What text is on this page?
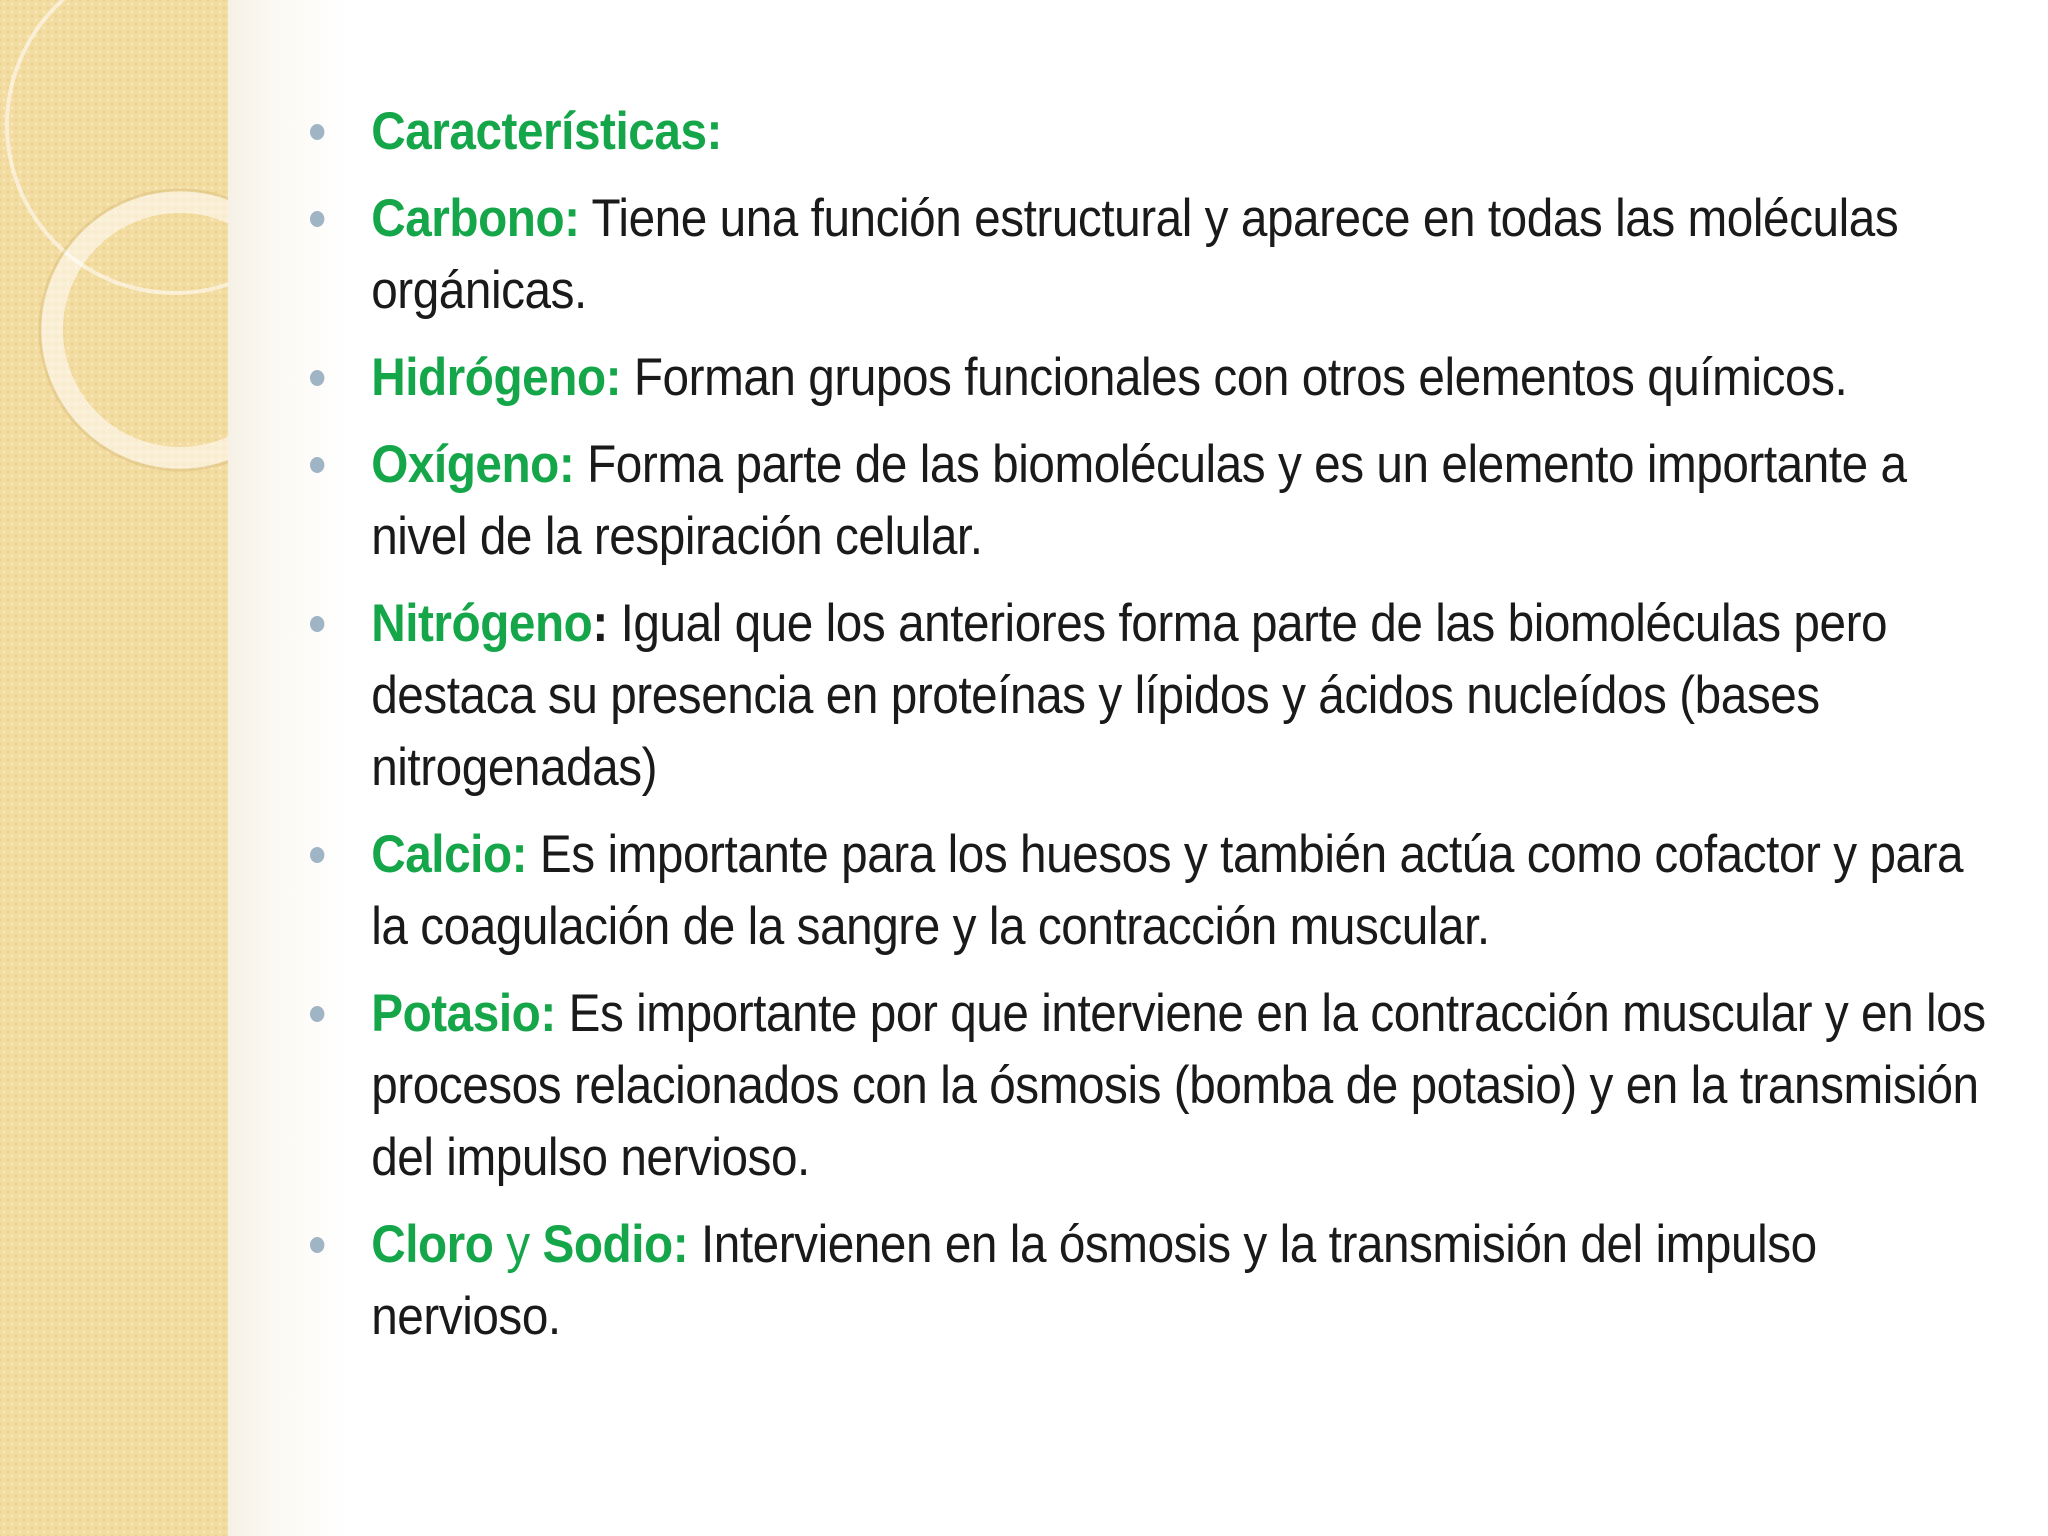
Características:
Carbono: Tiene una función estructural y aparece en todas las moléculas orgánicas.
Hidrógeno: Forman grupos funcionales con otros elementos químicos.
Oxígeno: Forma parte de las biomoléculas y es un elemento importante a nivel de la respiración celular.
Nitrógeno: Igual que los anteriores forma parte de las biomoléculas pero destaca su presencia en proteínas y lípidos y ácidos nucleídos (bases nitrogenadas)
Calcio: Es importante para los huesos y también actúa como cofactor y para la coagulación de la sangre y la contracción muscular.
Potasio: Es importante por que interviene en la contracción muscular y en los procesos relacionados con la ósmosis (bomba de potasio) y en la transmisión del impulso nervioso.
Cloro y Sodio: Intervienen en la ósmosis y la transmisión del impulso nervioso.
